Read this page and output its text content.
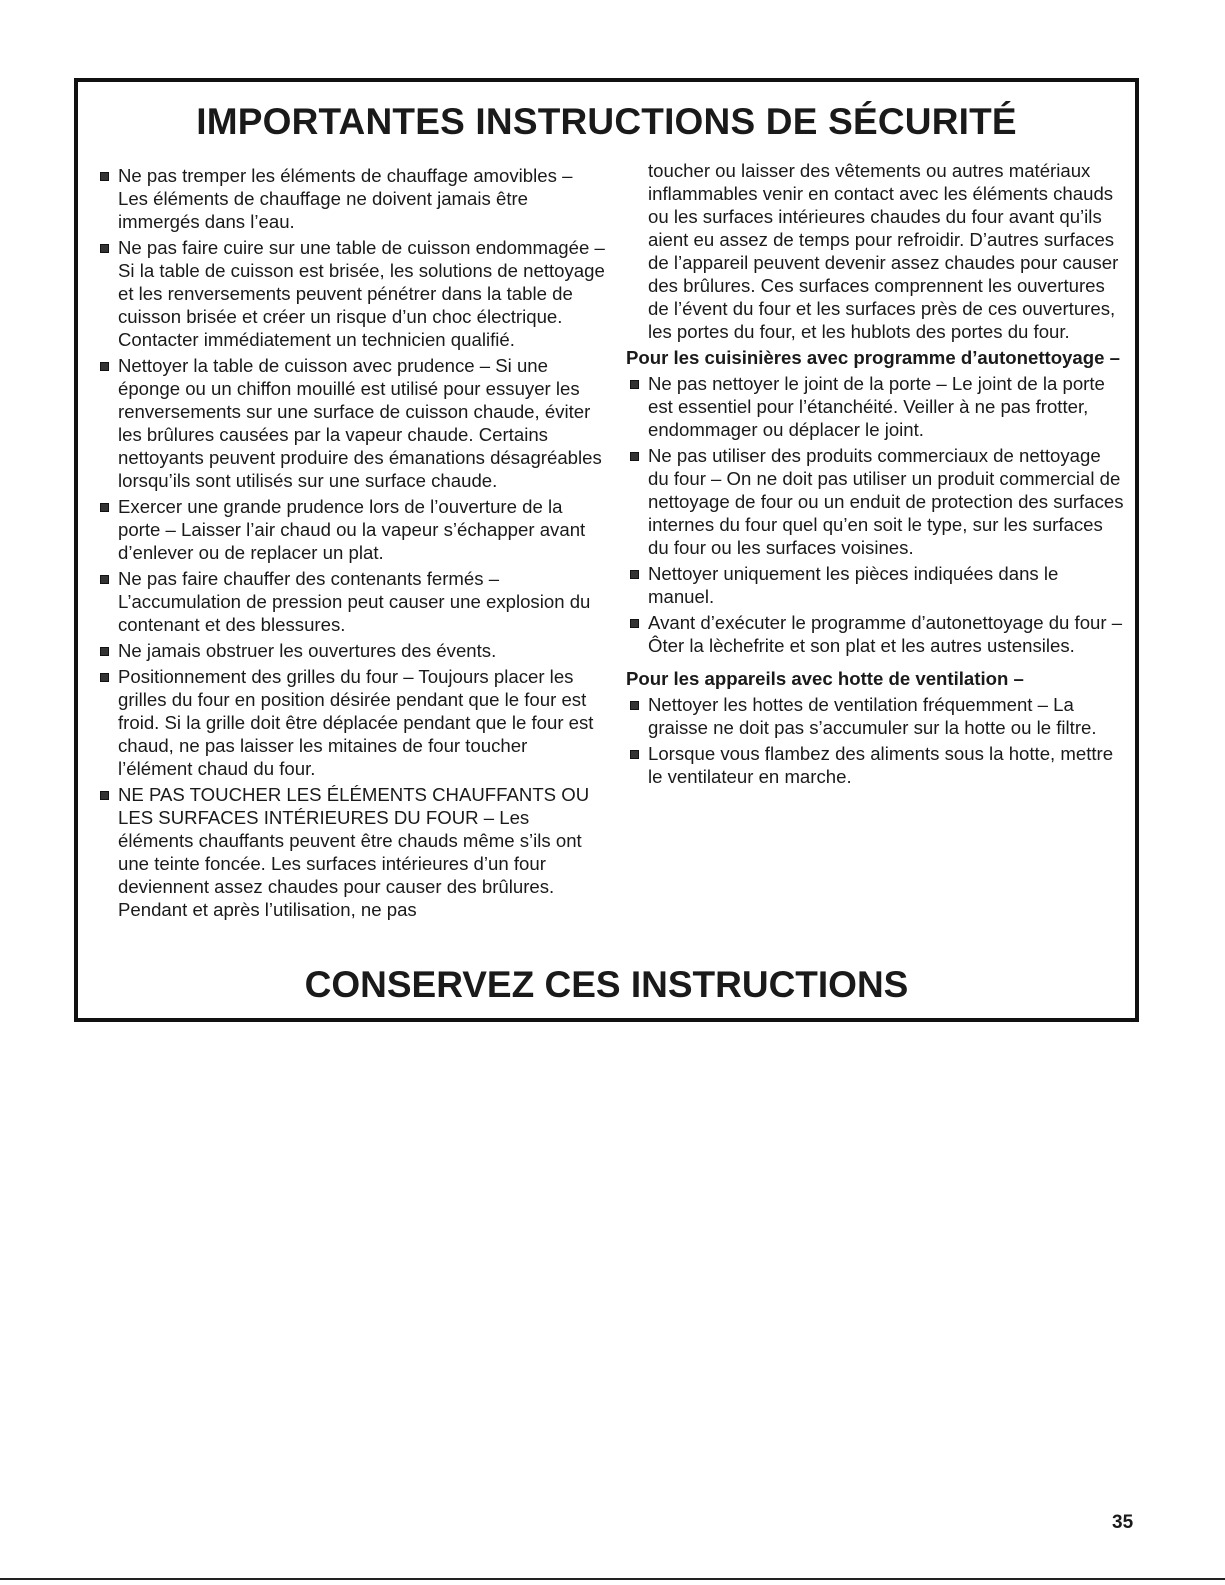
IMPORTANTES INSTRUCTIONS DE SÉCURITÉ

Ne pas tremper les éléments de chauffage amovibles – Les éléments de chauffage ne doivent jamais être immergés dans l’eau.

Ne pas faire cuire sur une table de cuisson endommagée – Si la table de cuisson est brisée, les solutions de nettoyage et les renversements peuvent pénétrer dans la table de cuisson brisée et créer un risque d’un choc électrique. Contacter immédiatement un technicien qualifié.

Nettoyer la table de cuisson avec prudence – Si une éponge ou un chiffon mouillé est utilisé pour essuyer les renversements sur une surface de cuisson chaude, éviter les brûlures causées par la vapeur chaude. Certains nettoyants peuvent produire des émanations désagréables lorsqu’ils sont utilisés sur une surface chaude.

Exercer une grande prudence lors de l’ouverture de la porte – Laisser l’air chaud ou la vapeur s’échapper avant d’enlever ou de replacer un plat.

Ne pas faire chauffer des contenants fermés – L’accumulation de pression peut causer une explosion du contenant et des blessures.

Ne jamais obstruer les ouvertures des évents.

Positionnement des grilles du four – Toujours placer les grilles du four en position désirée pendant que le four est froid. Si la grille doit être déplacée pendant que le four est chaud, ne pas laisser les mitaines de four toucher l’élément chaud du four.

NE PAS TOUCHER LES ÉLÉMENTS CHAUFFANTS OU LES SURFACES INTÉRIEURES DU FOUR – Les éléments chauffants peuvent être chauds même s’ils ont une teinte foncée. Les surfaces intérieures d’un four deviennent assez chaudes pour causer des brûlures. Pendant et après l’utilisation, ne pas

toucher ou laisser des vêtements ou autres matériaux inflammables venir en contact avec les éléments chauds ou les surfaces intérieures chaudes du four avant qu’ils aient eu assez de temps pour refroidir. D’autres surfaces de l’appareil peuvent devenir assez chaudes pour causer des brûlures. Ces surfaces comprennent les ouvertures de l’évent du four et les surfaces près de ces ouvertures, les portes du four, et les hublots des portes du four.

Pour les cuisinières avec programme d’autonettoyage –

Ne pas nettoyer le joint de la porte – Le joint de la porte est essentiel pour l’étanchéité. Veiller à ne pas frotter, endommager ou déplacer le joint.

Ne pas utiliser des produits commerciaux de nettoyage du four – On ne doit pas utiliser un produit commercial de nettoyage de four ou un enduit de protection des surfaces internes du four quel qu’en soit le type, sur les surfaces du four ou les surfaces voisines.

Nettoyer uniquement les pièces indiquées dans le manuel.

Avant d’exécuter le programme d’autonettoyage du four – Ôter la lèchefrite et son plat et les autres ustensiles.

Pour les appareils avec hotte de ventilation –

Nettoyer les hottes de ventilation fréquemment – La graisse ne doit pas s’accumuler sur la hotte ou le filtre.

Lorsque vous flambez des aliments sous la hotte, mettre le ventilateur en marche.

CONSERVEZ CES INSTRUCTIONS
35
